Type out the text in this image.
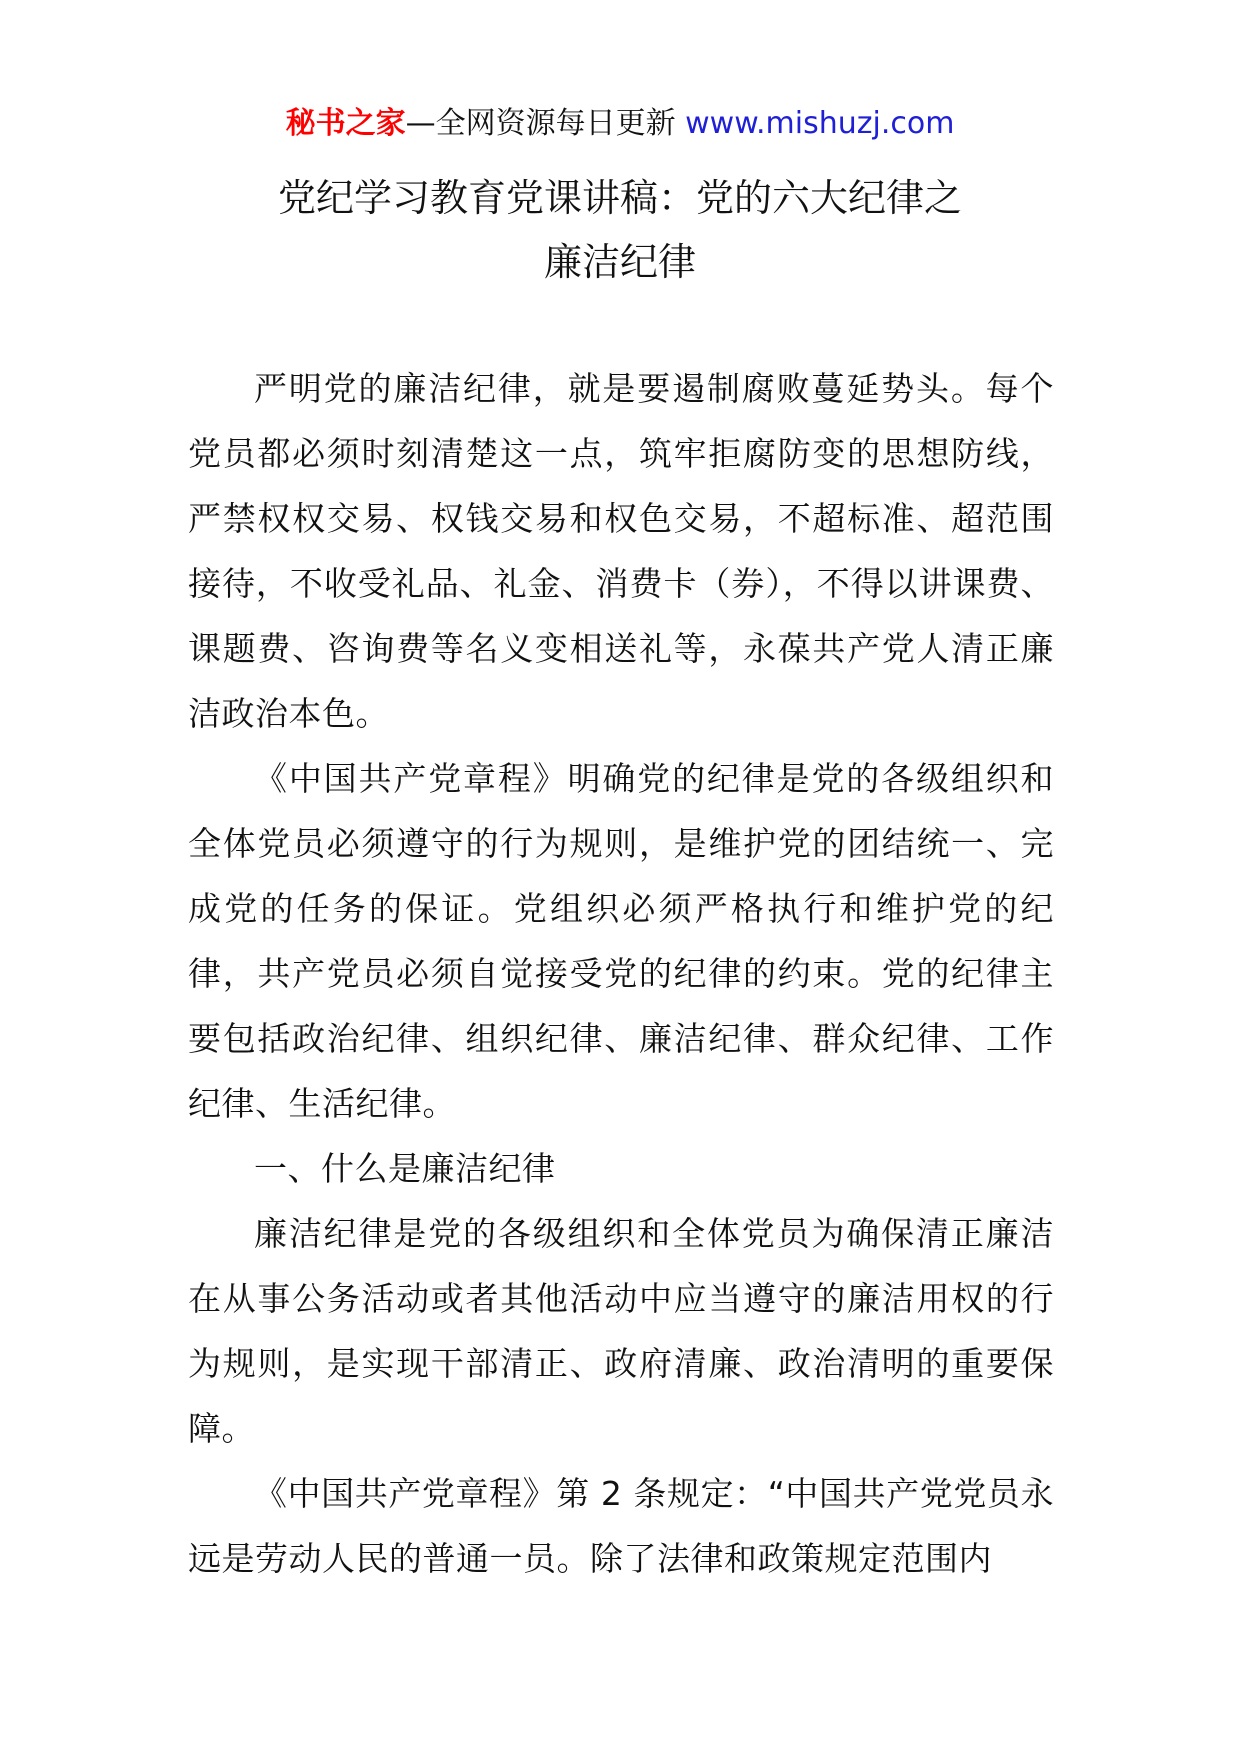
秘书之家—全网资源每日更新 www.mishuzj.com
党纪学习教育党课讲稿：党的六大纪律之
廉洁纪律

严明党的廉洁纪律，就是要遏制腐败蔓延势头。每个党员都必须时刻清楚这一点，筑牢拒腐防变的思想防线，严禁权权交易、权钱交易和权色交易，不超标准、超范围接待，不收受礼品、礼金、消费卡（券），不得以讲课费、课题费、咨询费等名义变相送礼等，永葆共产党人清正廉洁政治本色。

《中国共产党章程》明确党的纪律是党的各级组织和全体党员必须遵守的行为规则，是维护党的团结统一、完成党的任务的保证。党组织必须严格执行和维护党的纪律，共产党员必须自觉接受党的纪律的约束。党的纪律主要包括政治纪律、组织纪律、廉洁纪律、群众纪律、工作纪律、生活纪律。

一、什么是廉洁纪律

廉洁纪律是党的各级组织和全体党员为确保清正廉洁在从事公务活动或者其他活动中应当遵守的廉洁用权的行为规则，是实现干部清正、政府清廉、政治清明的重要保障。

《中国共产党章程》第 2 条规定：“中国共产党党员永远是劳动人民的普通一员。除了法律和政策规定范围内
